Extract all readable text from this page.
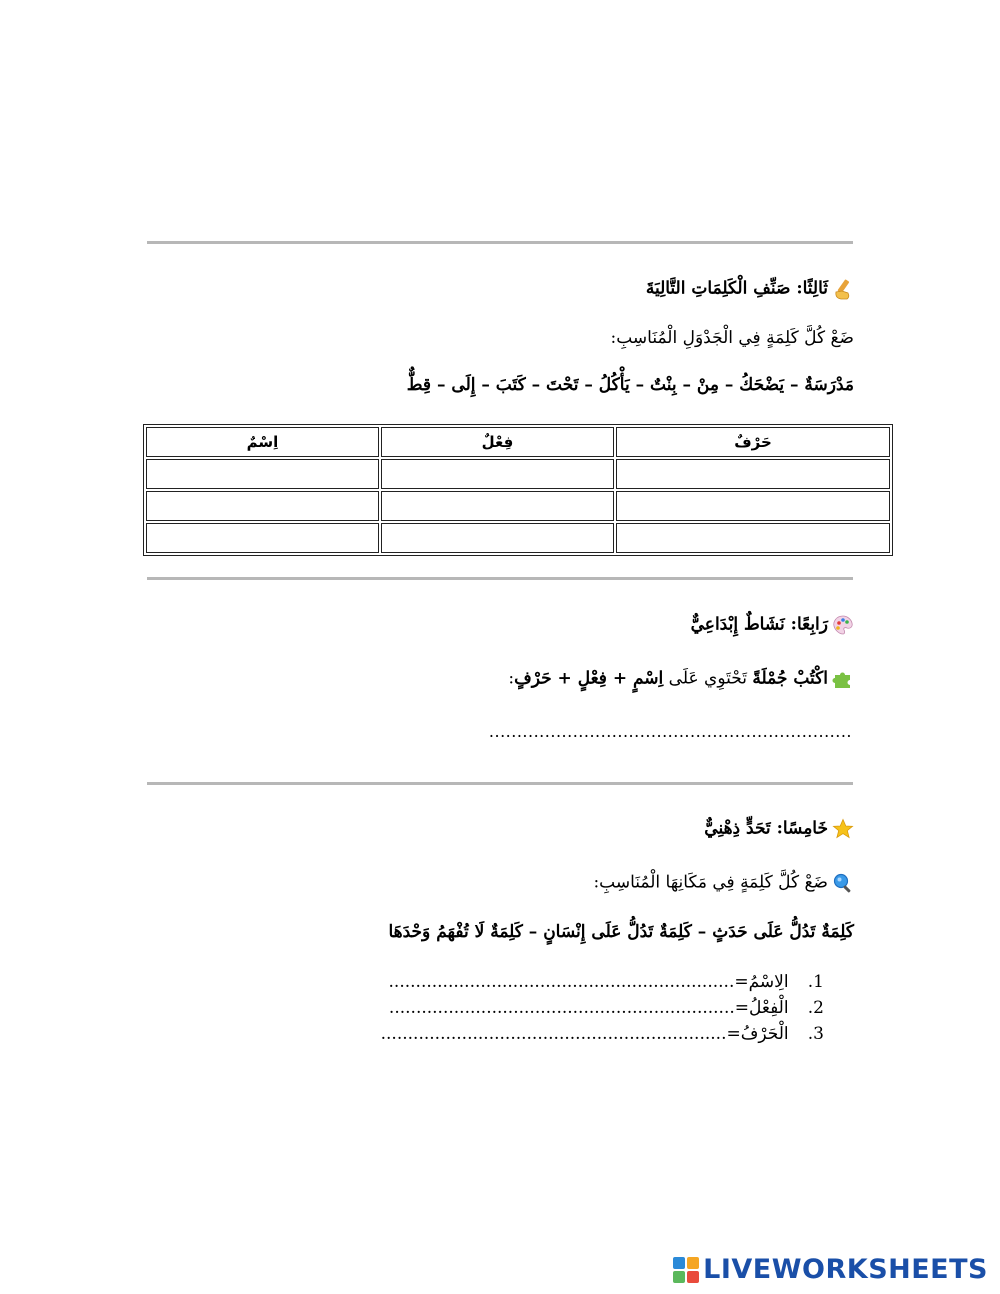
ثَالِثًا: صَنِّفِ الْكَلِمَاتِ التَّالِيَةَ
ضَعْ كُلَّ كَلِمَةٍ فِي الْجَدْوَلِ الْمُنَاسِبِ:
مَدْرَسَةٌ – يَضْحَكُ – مِنْ – بِنْتٌ – يَأْكُلُ – تَحْتَ – كَتَبَ – إِلَى – قِطٌّ
حَرْفٌ	فِعْلٌ	اِسْمٌ

رَابِعًا: نَشَاطٌ إِبْدَاعِيٌّ
اكْتُبْ جُمْلَةً تَحْتَوِي عَلَى اِسْمٍ + فِعْلٍ + حَرْفٍ:
.................................................................
خَامِسًا: تَحَدٍّ ذِهْنِيٌّ
ضَعْ كُلَّ كَلِمَةٍ فِي مَكَانِهَا الْمُنَاسِبِ:
كَلِمَةٌ تَدُلُّ عَلَى حَدَثٍ – كَلِمَةٌ تَدُلُّ عَلَى إِنْسَانٍ – كَلِمَةٌ لَا تُفْهَمُ وَحْدَهَا
1. الِاسْمُ=................................................................
2. الْفِعْلُ=................................................................
3. الْحَرْفُ=................................................................
LIVEWORKSHEETS
